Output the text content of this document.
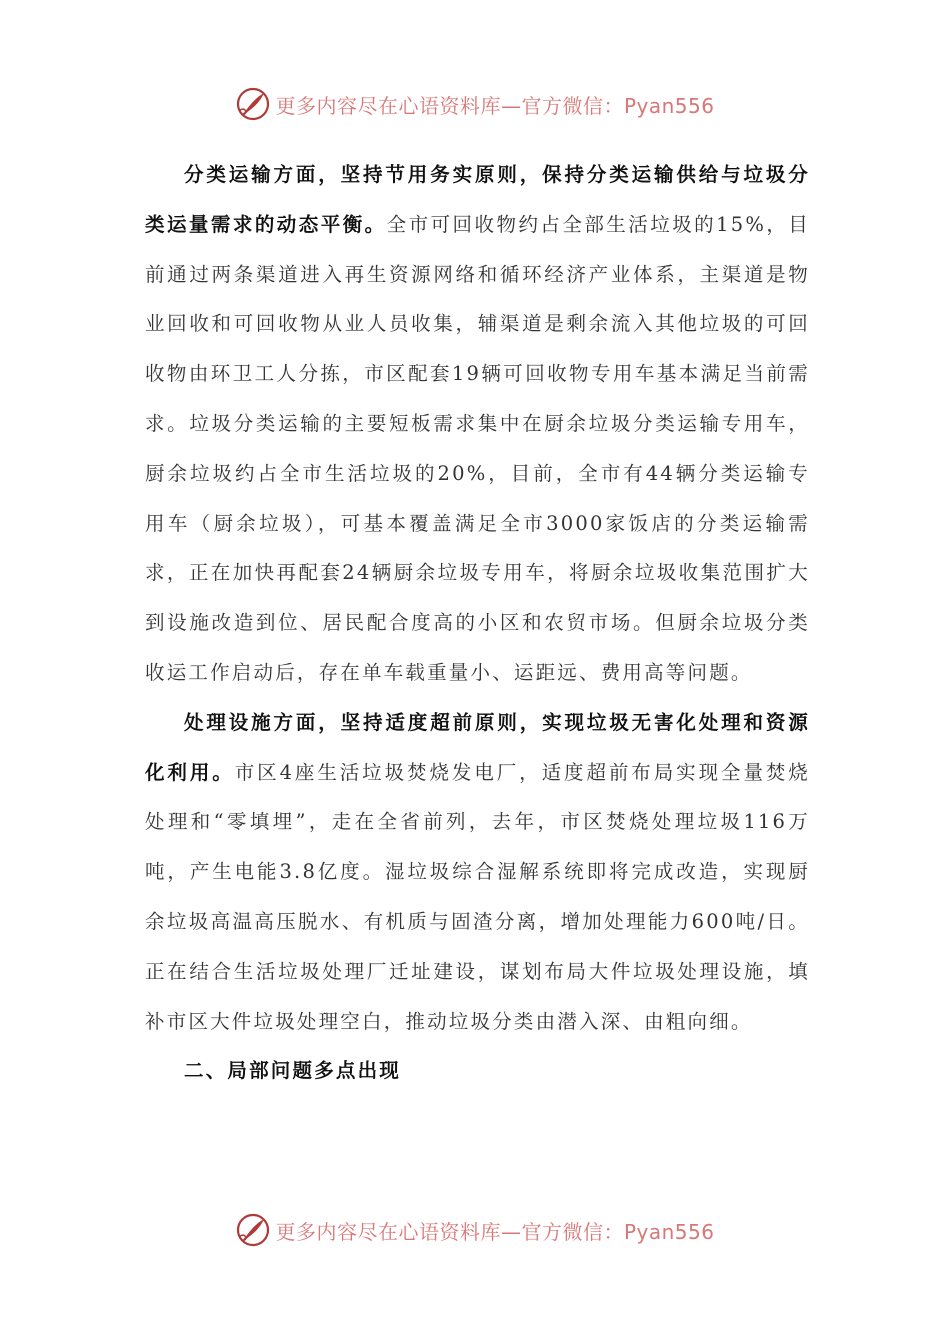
更多内容尽在心语资料库—官方微信：Pyan556

分类运输方面，坚持节用务实原则，保持分类运输供给与垃圾分类运量需求的动态平衡。全市可回收物约占全部生活垃圾的15%，目前通过两条渠道进入再生资源网络和循环经济产业体系，主渠道是物业回收和可回收物从业人员收集，辅渠道是剩余流入其他垃圾的可回收物由环卫工人分拣，市区配套19辆可回收物专用车基本满足当前需求。垃圾分类运输的主要短板需求集中在厨余垃圾分类运输专用车，厨余垃圾约占全市生活垃圾的20%，目前，全市有44辆分类运输专用车（厨余垃圾），可基本覆盖满足全市3000家饭店的分类运输需求，正在加快再配套24辆厨余垃圾专用车，将厨余垃圾收集范围扩大到设施改造到位、居民配合度高的小区和农贸市场。但厨余垃圾分类收运工作启动后，存在单车载重量小、运距远、费用高等问题。

处理设施方面，坚持适度超前原则，实现垃圾无害化处理和资源化利用。市区4座生活垃圾焚烧发电厂，适度超前布局实现全量焚烧处理和“零填埋”，走在全省前列，去年，市区焚烧处理垃圾116万吨，产生电能3.8亿度。湿垃圾综合湿解系统即将完成改造，实现厨余垃圾高温高压脱水、有机质与固渣分离，增加处理能力600吨/日。正在结合生活垃圾处理厂迁址建设，谋划布局大件垃圾处理设施，填补市区大件垃圾处理空白，推动垃圾分类由潜入深、由粗向细。

二、局部问题多点出现

更多内容尽在心语资料库—官方微信：Pyan556
